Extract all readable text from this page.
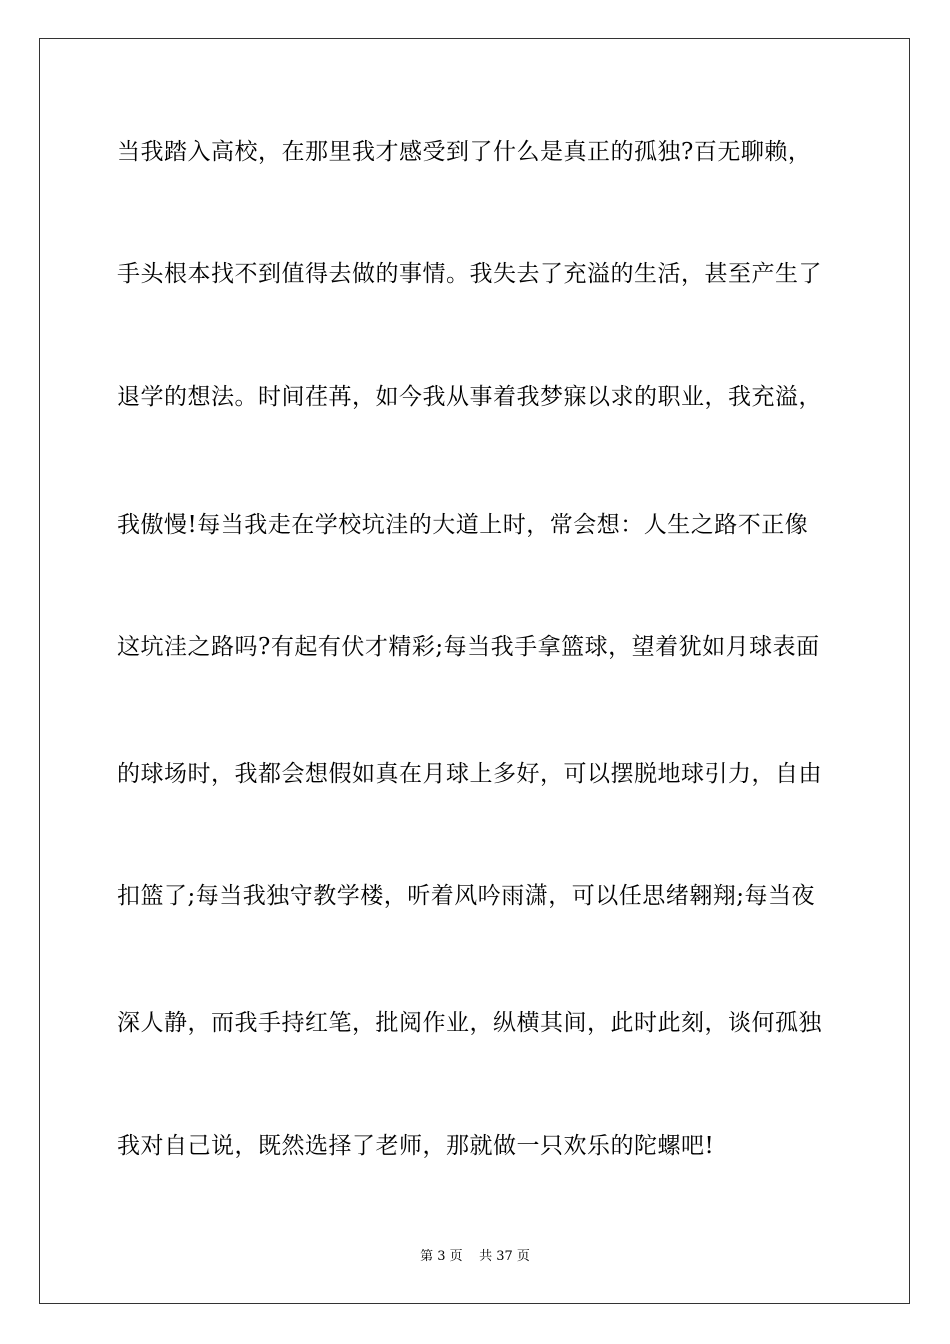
当我踏入高校，在那里我才感受到了什么是真正的孤独?百无聊赖，
手头根本找不到值得去做的事情。我失去了充溢的生活，甚至产生了
退学的想法。时间荏苒，如今我从事着我梦寐以求的职业，我充溢，
我傲慢!每当我走在学校坑洼的大道上时，常会想：人生之路不正像
这坑洼之路吗?有起有伏才精彩;每当我手拿篮球，望着犹如月球表面
的球场时，我都会想假如真在月球上多好，可以摆脱地球引力，自由
扣篮了;每当我独守教学楼，听着风吟雨潇，可以任思绪翱翔;每当夜
深人静，而我手持红笔，批阅作业，纵横其间，此时此刻，谈何孤独
我对自己说，既然选择了老师，那就做一只欢乐的陀螺吧!
第 3 页    共 37 页
